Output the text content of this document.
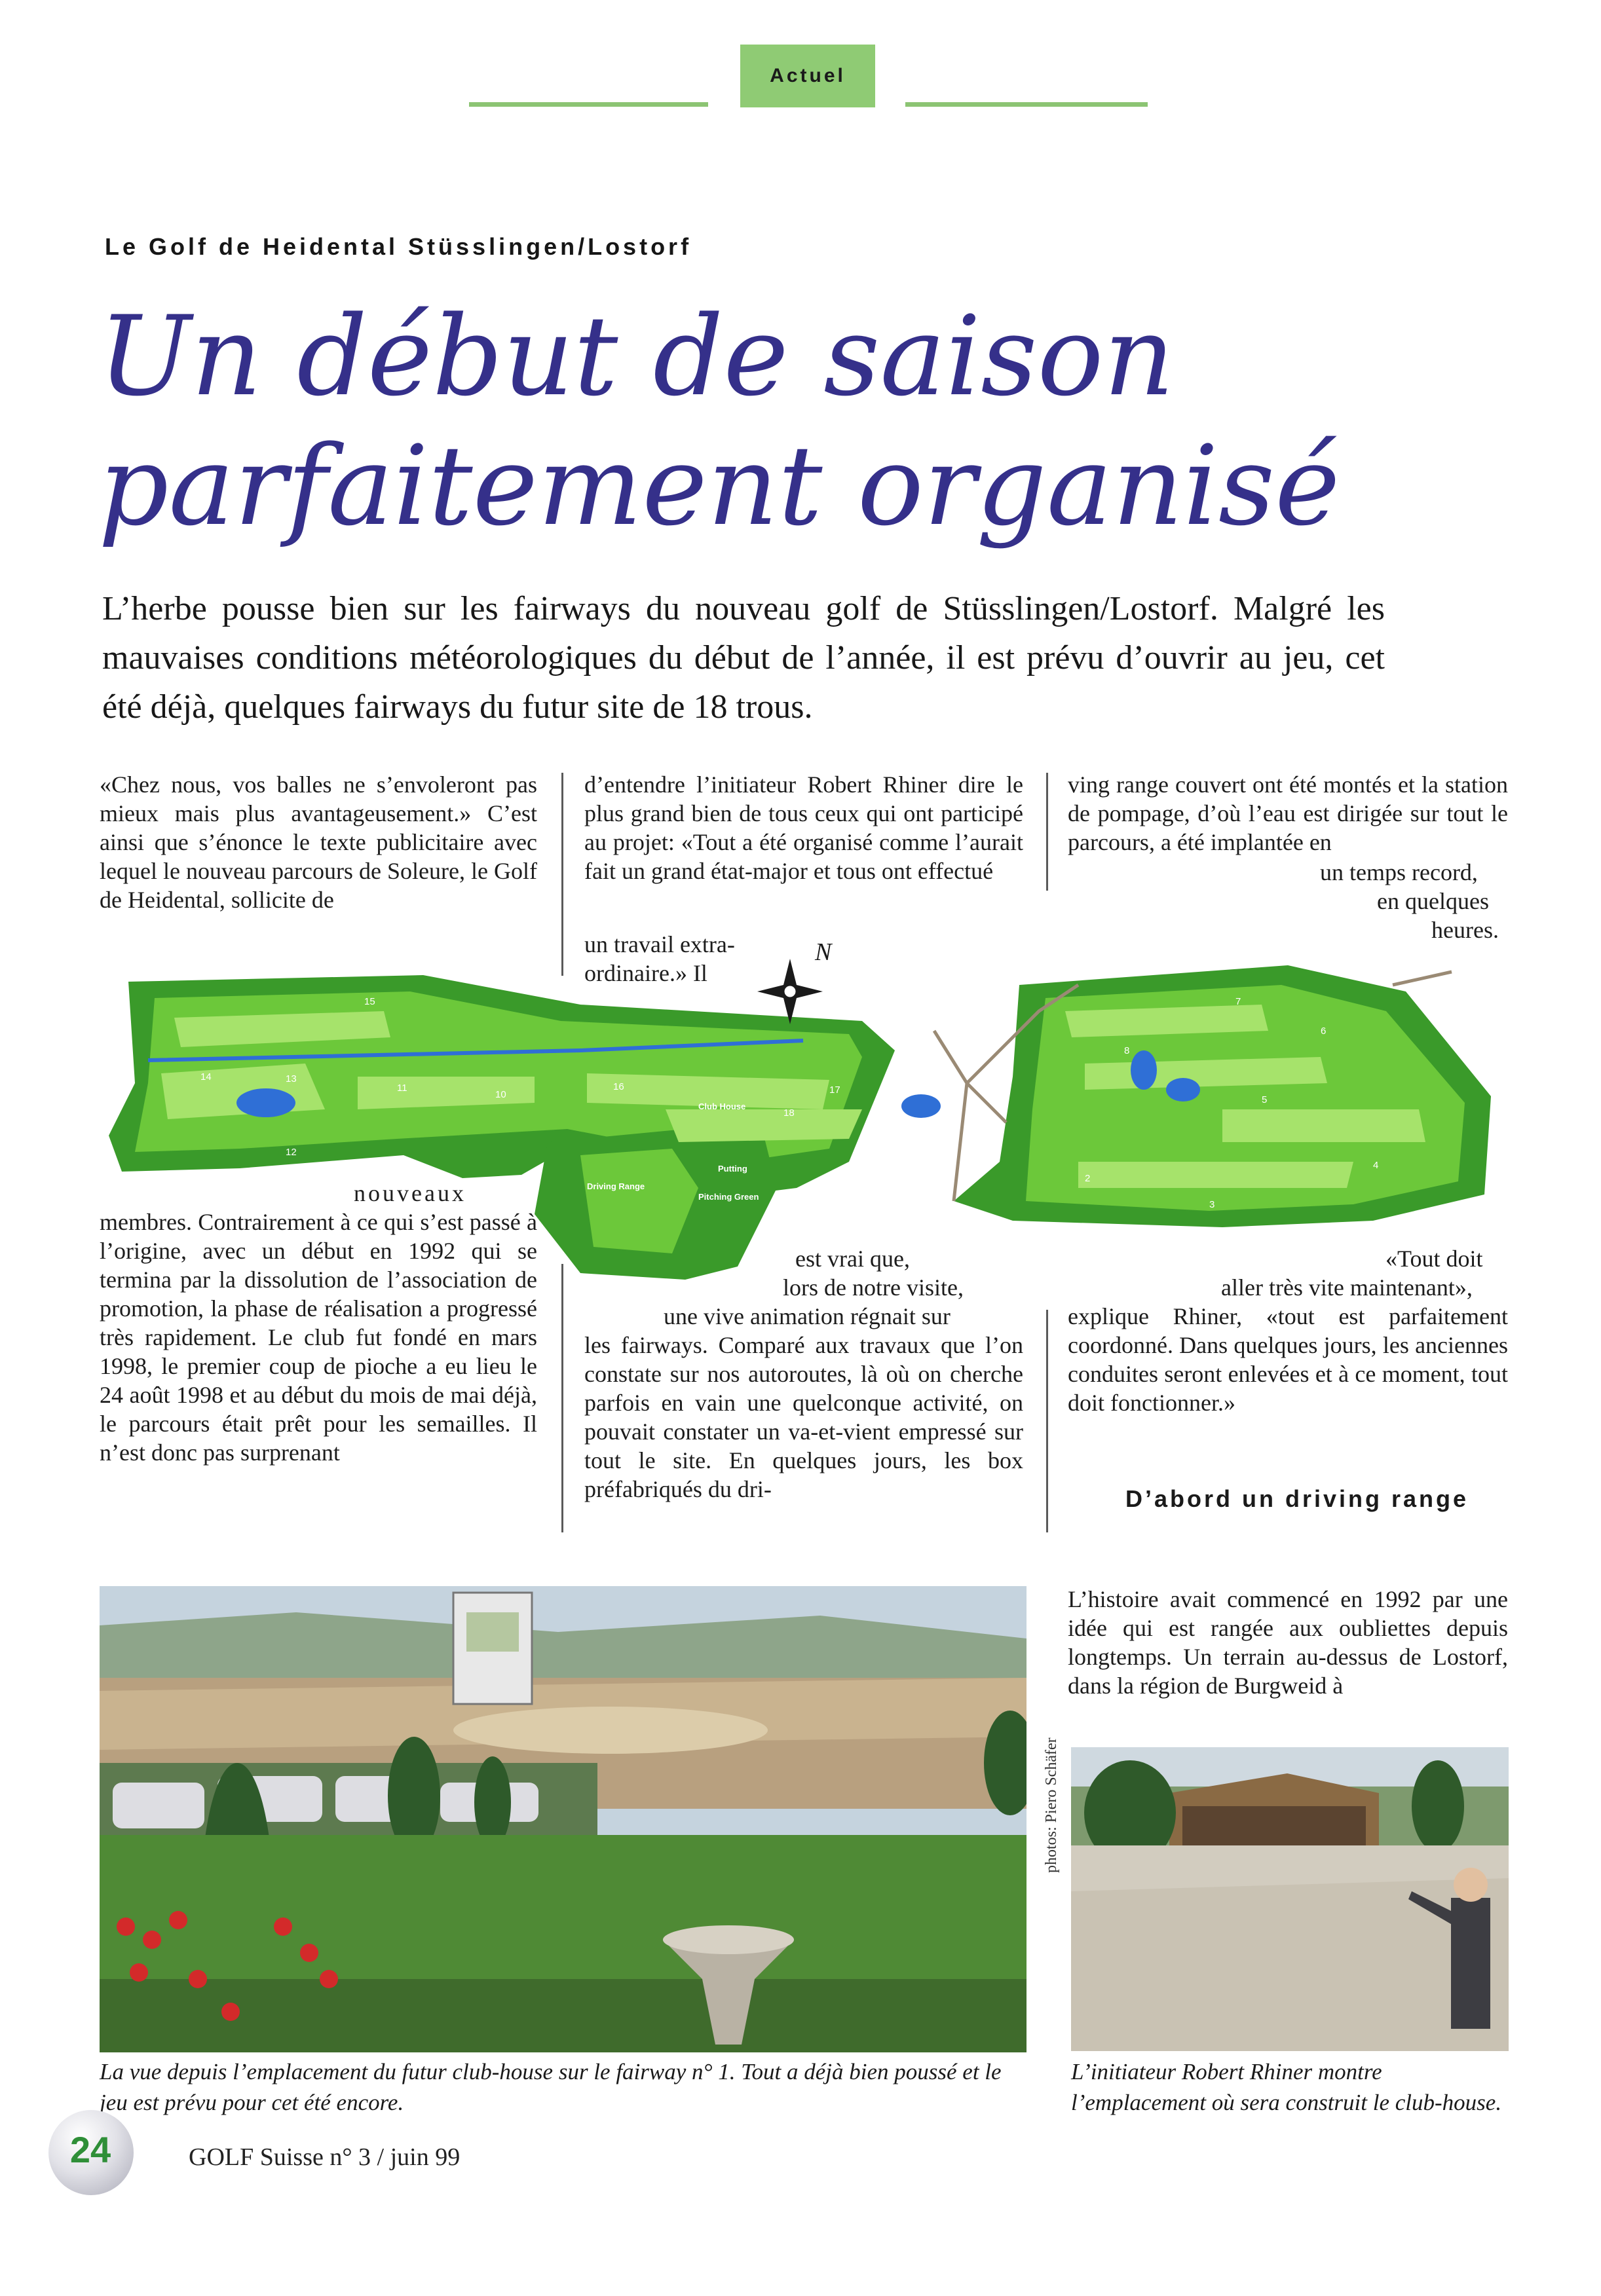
Actuel
Le Golf de Heidental Stüsslingen/Lostorf
Un début de saison
parfaitement organisé

L’herbe pousse bien sur les fairways du nouveau golf de Stüsslingen/Lostorf. Malgré les mauvaises conditions météorologiques du début de l’année, il est prévu d’ouvrir au jeu, cet été déjà, quelques fairways du futur site de 18 trous.

«Chez nous, vos balles ne s’envoleront pas mieux mais plus avantageusement.» C’est ainsi que s’énonce le texte publicitaire avec lequel le nouveau parcours de Soleure, le Golf de Heidental, sollicite de

nouveaux

membres. Contrairement à ce qui s’est passé à l’origine, avec un début en 1992 qui se termina par la dissolution de l’association de promotion, la phase de réalisation a progressé très rapidement. Le club fut fondé en mars 1998, le premier coup de pioche a eu lieu le 24 août 1998 et au début du mois de mai déjà, le parcours était prêt pour les semailles. Il n’est donc pas surprenant

d’entendre l’initiateur Robert Rhiner dire le plus grand bien de tous ceux qui ont participé au projet: «Tout a été organisé comme l’aurait fait un grand état-major et tous ont effectué

un travail extra-
ordinaire.» Il
est vrai que,
lors de notre visite,
une vive animation régnait sur

les fairways. Comparé aux travaux que l’on constate sur nos autoroutes, là où on cherche parfois en vain une quelconque activité, on pouvait constater un va-et-vient empressé sur tout le site. En quelques jours, les box préfabriqués du dri-

ving range couvert ont été montés et la station de pompage, d’où l’eau est dirigée sur tout le parcours, a été implantée en

un temps record,
en quelques
heures.
«Tout doit
aller très vite maintenant»,

explique Rhiner, «tout est parfaitement coordonné. Dans quelques jours, les anciennes conduites seront enlevées et à ce moment, tout doit fonctionner.»

D’abord un driving range

L’histoire avait commencé en 1992 par une idée qui est rangée aux oubliettes depuis longtemps. Un terrain au-dessus de Lostorf, dans la région de Burgweid à

N
Club House
Driving Range
Putting
Pitching Green
1
2
3
4
5
6
7
8
9
10
11
12
13
14
15
16	17
18
photos: Piero Schäfer
La vue depuis l’emplacement du futur club-house sur le fairway n° 1. Tout a déjà bien poussé et le jeu est prévu pour cet été encore.
L’initiateur Robert Rhiner montre l’emplacement où sera construit le club-house.
24	GOLF Suisse n° 3 / juin 99
